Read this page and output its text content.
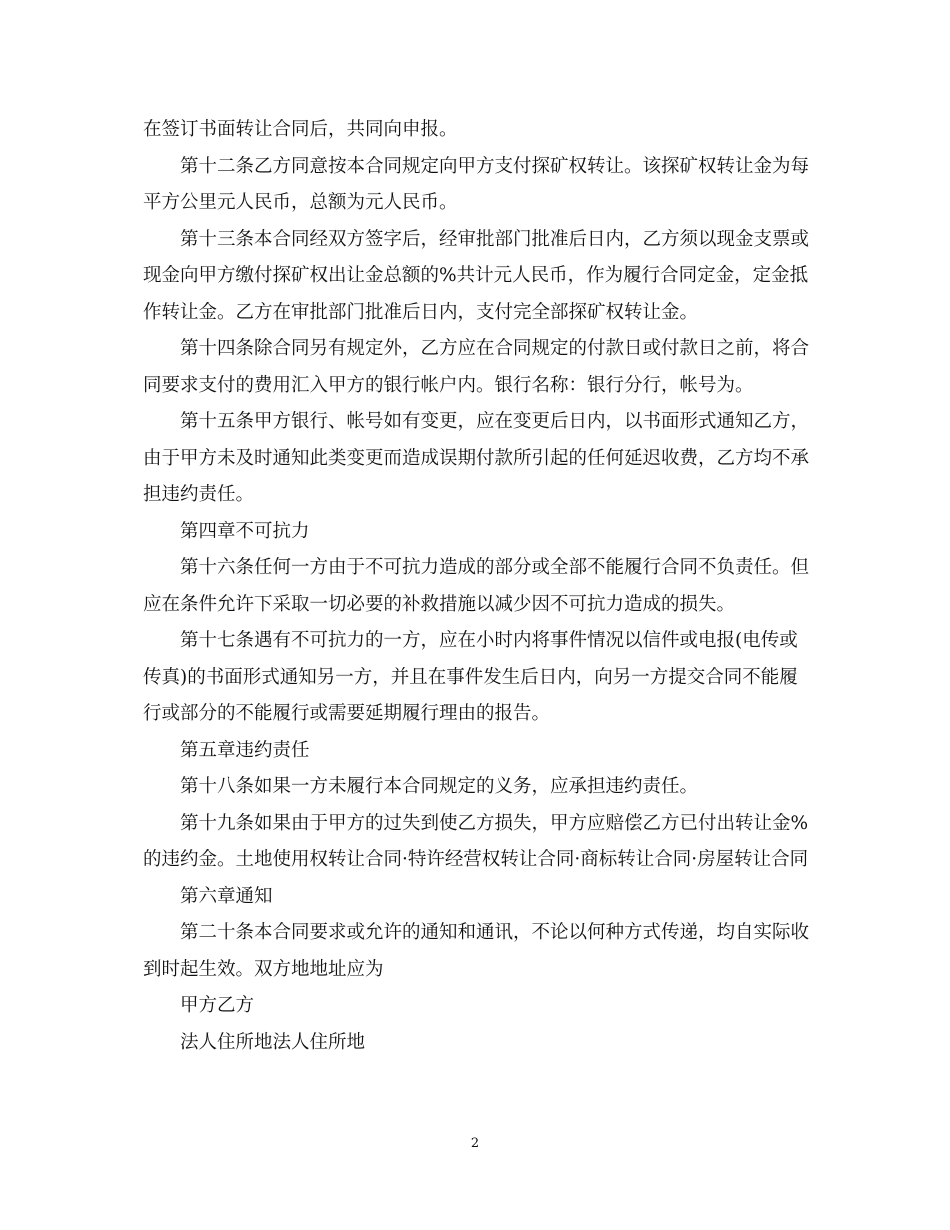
在签订书面转让合同后，共同向申报。

第十二条乙方同意按本合同规定向甲方支付探矿权转让。该探矿权转让金为每平方公里元人民币，总额为元人民币。

第十三条本合同经双方签字后，经审批部门批准后日内，乙方须以现金支票或现金向甲方缴付探矿权出让金总额的%共计元人民币，作为履行合同定金，定金抵作转让金。乙方在审批部门批准后日内，支付完全部探矿权转让金。

第十四条除合同另有规定外，乙方应在合同规定的付款日或付款日之前，将合同要求支付的费用汇入甲方的银行帐户内。银行名称：银行分行，帐号为。

第十五条甲方银行、帐号如有变更，应在变更后日内，以书面形式通知乙方，由于甲方未及时通知此类变更而造成误期付款所引起的任何延迟收费，乙方均不承担违约责任。

第四章不可抗力

第十六条任何一方由于不可抗力造成的部分或全部不能履行合同不负责任。但应在条件允许下采取一切必要的补救措施以减少因不可抗力造成的损失。

第十七条遇有不可抗力的一方，应在小时内将事件情况以信件或电报(电传或传真)的书面形式通知另一方，并且在事件发生后日内，向另一方提交合同不能履行或部分的不能履行或需要延期履行理由的报告。

第五章违约责任

第十八条如果一方未履行本合同规定的义务，应承担违约责任。

第十九条如果由于甲方的过失到使乙方损失，甲方应赔偿乙方已付出转让金%的违约金。土地使用权转让合同·特许经营权转让合同·商标转让合同·房屋转让合同

第六章通知

第二十条本合同要求或允许的通知和通讯，不论以何种方式传递，均自实际收到时起生效。双方地地址应为

甲方乙方

法人住所地法人住所地

2
